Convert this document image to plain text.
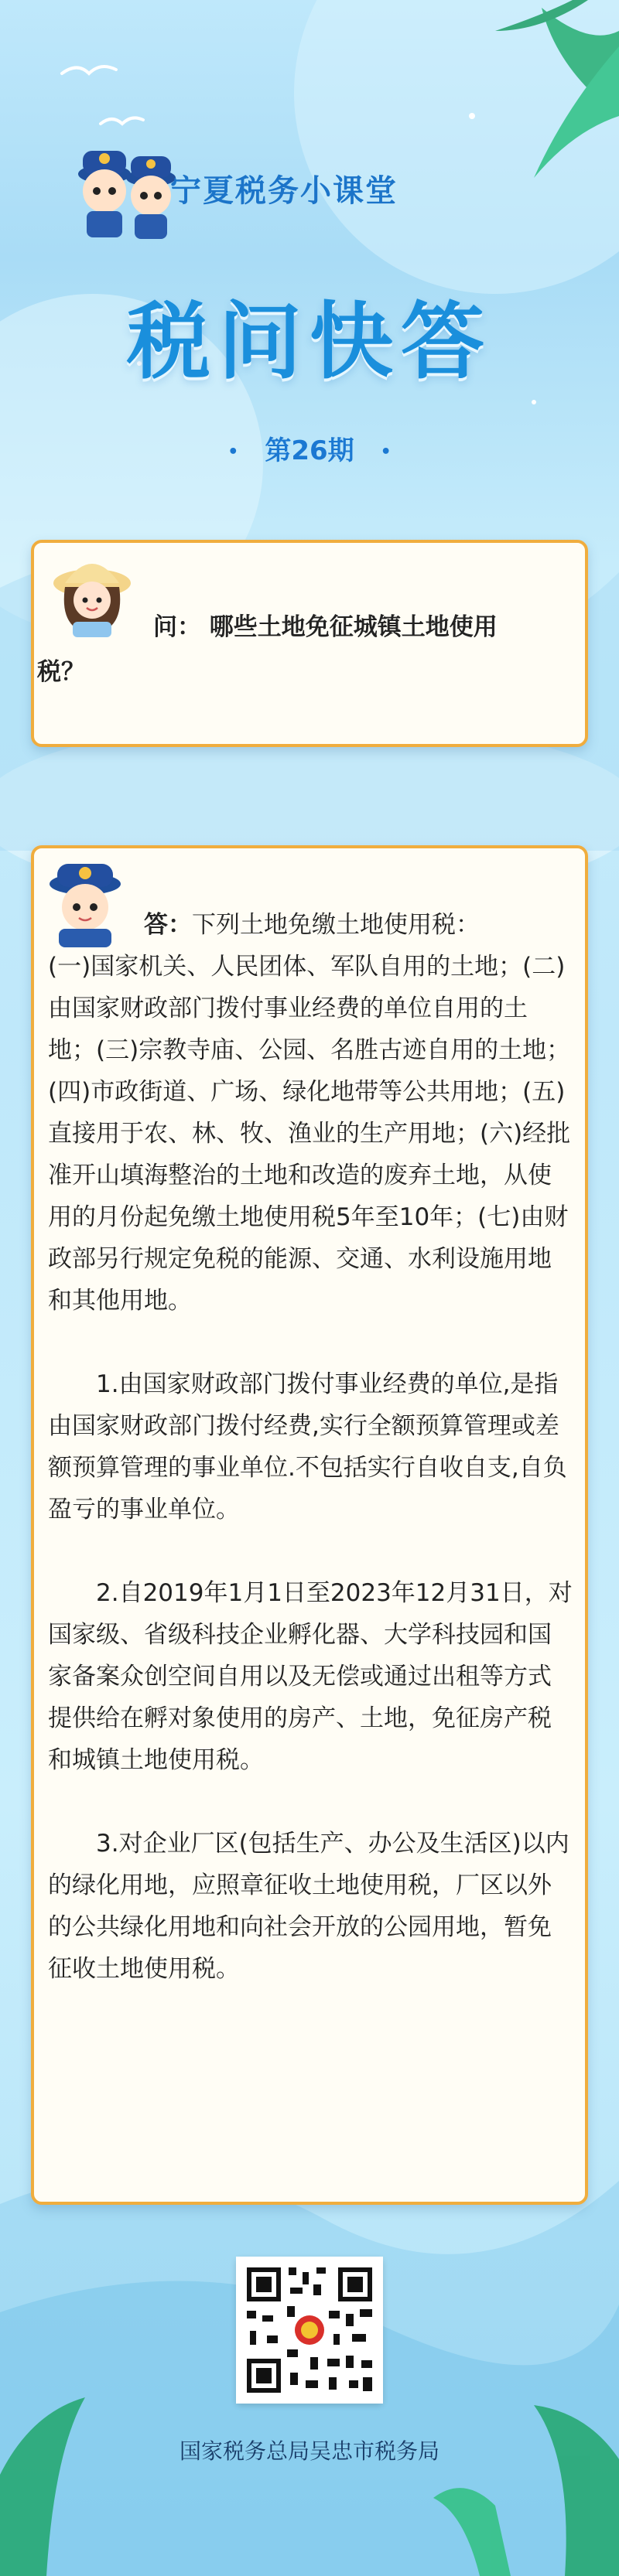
宁夏税务小课堂
税问快答
• 第26期 •
问： 哪些土地免征城镇土地使用
税？

答：下列土地免缴土地使用税：

(一)国家机关、人民团体、军队自用的土地；(二)由国家财政部门拨付事业经费的单位自用的土地；(三)宗教寺庙、公园、名胜古迹自用的土地；(四)市政街道、广场、绿化地带等公共用地；(五)直接用于农、林、牧、渔业的生产用地；(六)经批准开山填海整治的土地和改造的废弃土地，从使用的月份起免缴土地使用税5年至10年；(七)由财政部另行规定免税的能源、交通、水利设施用地和其他用地。

1.由国家财政部门拨付事业经费的单位,是指由国家财政部门拨付经费,实行全额预算管理或差额预算管理的事业单位.不包括实行自收自支,自负盈亏的事业单位。

2.自2019年1月1日至2023年12月31日，对国家级、省级科技企业孵化器、大学科技园和国家备案众创空间自用以及无偿或通过出租等方式提供给在孵对象使用的房产、土地，免征房产税和城镇土地使用税。

3.对企业厂区(包括生产、办公及生活区)以内的绿化用地，应照章征收土地使用税，厂区以外的公共绿化用地和向社会开放的公园用地，暂免征收土地使用税。

国家税务总局吴忠市税务局
